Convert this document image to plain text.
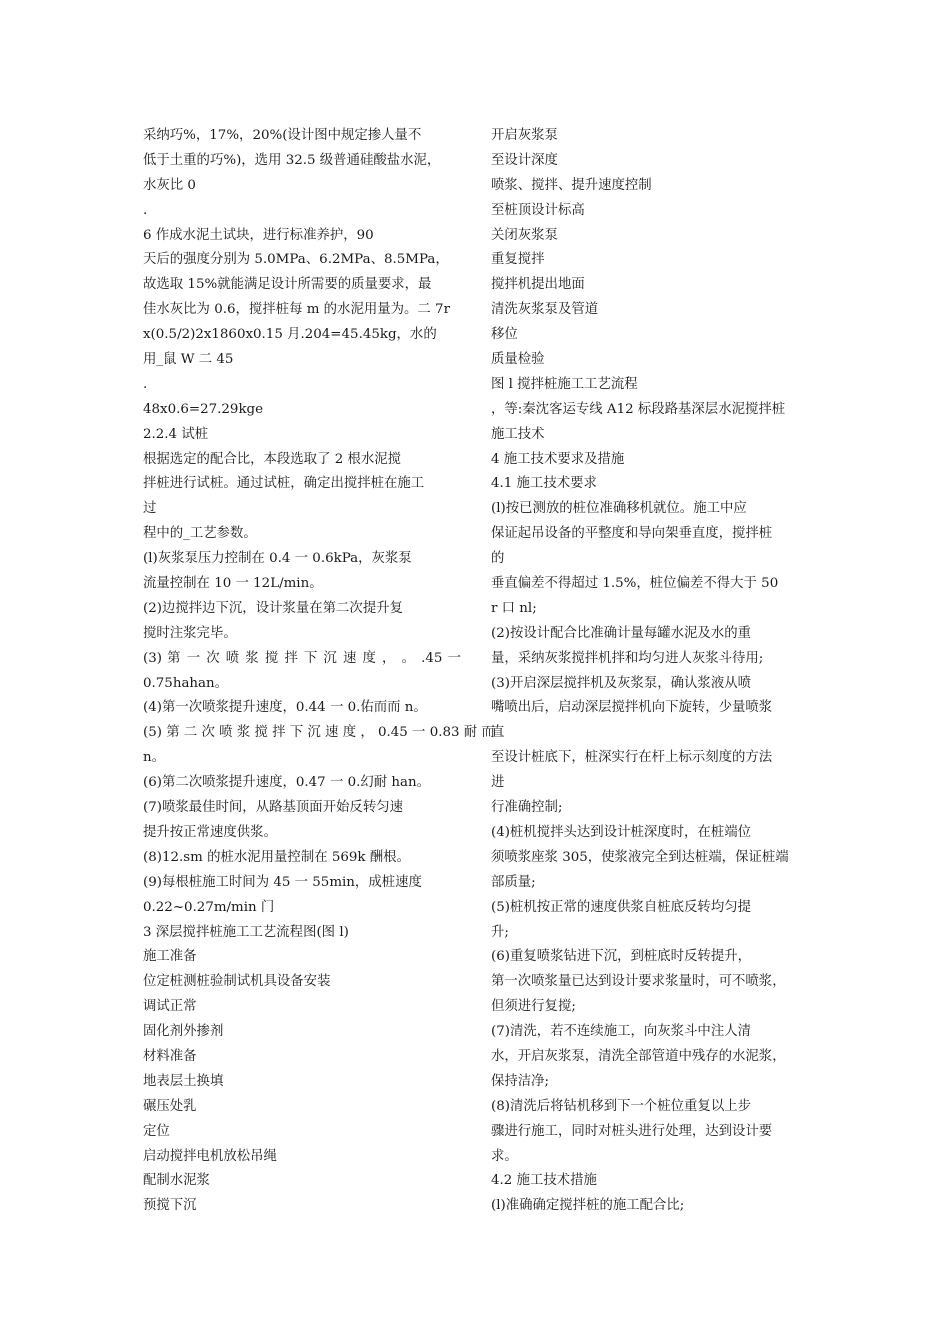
采纳巧%，17%，20%(设计图中规定掺人量不
低于土重的巧%)，选用 32.5 级普通硅酸盐水泥，
水灰比 0
.
6 作成水泥土试块，进行标准养护，90
天后的强度分别为 5.0MPa、6.2MPa、8.5MPa，
故选取 15%就能满足设计所需要的质量要求，最
佳水灰比为 0.6，搅拌桩每 m 的水泥用量为。二 7r
x(0.5/2)2x1860x0.15 月.204=45.45kg，水的
用_鼠 W 二 45
.
48x0.6=27.29kge
2.2.4 试桩
根据选定的配合比，本段选取了 2 根水泥搅
拌桩进行试桩。通过试桩，确定出搅拌桩在施工
过
程中的_工艺参数。
(l)灰浆泵压力控制在 0.4 一 0.6kPa，灰浆泵
流量控制在 10 一 12L/min。
(2)边搅拌边下沉，设计浆量在第二次提升复
搅时注浆完毕。
(3) 第 一 次 喷 浆 搅 拌 下 沉 速 度 ， 。 .45 一
0.75hahan。
(4)第一次喷浆提升速度，0.44 一 0.佑而而 n。
(5) 第 二 次 喷 浆 搅 拌 下 沉 速 度 ， 0.45 一 0.83 耐 而
n。
(6)第二次喷浆提升速度，0.47 一 0.幻耐 han。
(7)喷浆最佳时间，从路基顶面开始反转匀速
提升按正常速度供浆。
(8)12.sm 的桩水泥用量控制在 569k 酬根。
(9)每根桩施工时间为 45 一 55min，成桩速度
0.22~0.27m/min 门
3 深层搅拌桩施工工艺流程图(图 l)
施工准备
位定桩测桩验制试机具设备安装
调试正常
固化剂外掺剂
材料准备
地表层土换填
碾压处乳
定位
启动搅拌电机放松吊绳
配制水泥浆
预搅下沉
开启灰浆泵
至设计深度
喷浆、搅拌、提升速度控制
至桩顶设计标高
关闭灰浆泵
重复搅拌
搅拌机提出地面
清洗灰浆泵及管道
移位
质量检验
图 l 搅拌桩施工工艺流程
，等:秦沈客运专线 A12 标段路基深层水泥搅拌桩
施工技术
4 施工技术要求及措施
4.1 施工技术要求
(l)按已测放的桩位准确移机就位。施工中应
保证起吊设备的平整度和导向架垂直度，搅拌桩
的
垂直偏差不得超过 1.5%，桩位偏差不得大于 50
r 口 nl;
(2)按设计配合比准确计量每罐水泥及水的重
量，采纳灰浆搅拌机拌和均匀进人灰浆斗待用;
(3)开启深层搅拌机及灰浆泵，确认浆液从喷
嘴喷出后，启动深层搅拌机向下旋转，少量喷浆
直
至设计桩底下，桩深实行在杆上标示刻度的方法
进
行准确控制;
(4)桩机搅拌头达到设计桩深度时，在桩端位
须喷浆座浆 305，使浆液完全到达桩端，保证桩端
部质量;
(5)桩机按正常的速度供浆自桩底反转均匀提
升;
(6)重复喷浆钻进下沉，到桩底时反转提升，
第一次喷浆量已达到设计要求浆量时，可不喷浆，
但须进行复搅;
(7)清洗，若不连续施工，向灰浆斗中注人清
水，开启灰浆泵，清洗全部管道中残存的水泥浆，
保持洁净;
(8)清洗后将钻机移到下一个桩位重复以上步
骤进行施工，同时对桩头进行处理，达到设计要
求。
4.2 施工技术措施
(l)准确确定搅拌桩的施工配合比;
